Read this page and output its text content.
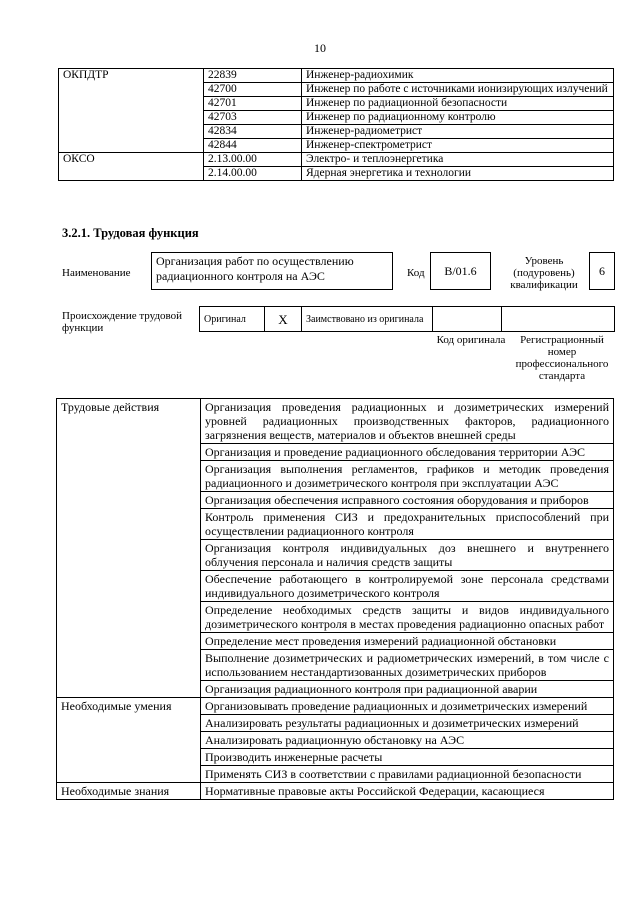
10
ОКПДТР	22839	Инженер-радиохимик
	42700	Инженер по работе с источниками ионизирующих излучений
	42701	Инженер по радиационной безопасности
	42703	Инженер по радиационному контролю
	42834	Инженер-радиометрист
	42844	Инженер-спектрометрист
ОКСО	2.13.00.00	Электро- и теплоэнергетика
	2.14.00.00	Ядерная энергетика и технологии
3.2.1. Трудовая функция
Наименование
Организация работ по осуществлению радиационного контроля на АЭС	Код	B/01.6
Уровень (подуровень) квалификации
6
Происхождение трудовой функции
Оригинал	X	Заимствовано из оригинала		
Код оригинала	Регистрационный номер профессионального стандарта
Трудовые действия	Организация проведения радиационных и дозиметрических измерений уровней радиационных производственных факторов, радиационного загрязнения веществ, материалов и объектов внешней среды
	Организация и проведение радиационного обследования территории АЭС
	Организация выполнения регламентов, графиков и методик проведения радиационного и дозиметрического контроля при эксплуатации АЭС
	Организация обеспечения исправного состояния оборудования и приборов
	Контроль применения СИЗ и предохранительных приспособлений при осуществлении радиационного контроля
	Организация контроля индивидуальных доз внешнего и внутреннего облучения персонала и наличия средств защиты
	Обеспечение работающего в контролируемой зоне персонала средствами индивидуального дозиметрического контроля
	Определение необходимых средств защиты и видов индивидуального дозиметрического контроля в местах проведения радиационно опасных работ
	Определение мест проведения измерений радиационной обстановки
	Выполнение дозиметрических и радиометрических измерений, в том числе с использованием нестандартизованных дозиметрических приборов
	Организация радиационного контроля при радиационной аварии
Необходимые умения	Организовывать проведение радиационных и дозиметрических измерений
	Анализировать результаты радиационных и дозиметрических измерений
	Анализировать радиационную обстановку на АЭС
	Производить инженерные расчеты
	Применять СИЗ в соответствии с правилами радиационной безопасности
Необходимые знания	Нормативные правовые акты Российской Федерации, касающиеся
